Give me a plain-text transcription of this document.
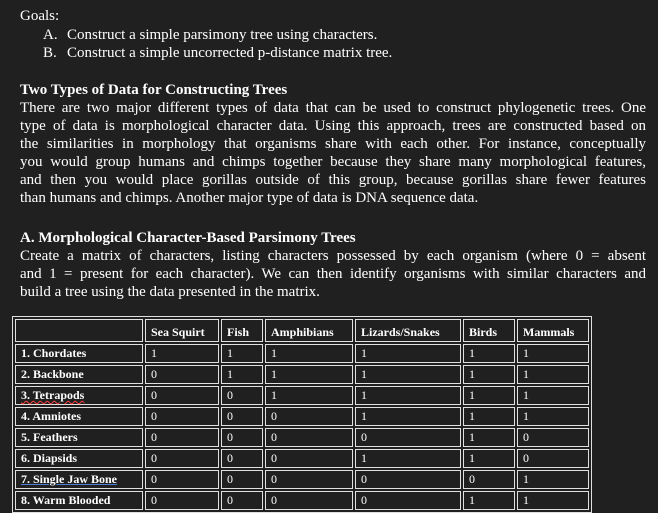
Goals:
A. Construct a simple parsimony tree using characters.
B. Construct a simple uncorrected p-distance matrix tree.
Two Types of Data for Constructing Trees
There are two major different types of data that can be used to construct phylogenetic trees. One
type of data is morphological character data. Using this approach, trees are constructed based on
the similarities in morphology that organisms share with each other. For instance, conceptually
you would group humans and chimps together because they share many morphological features,
and then you would place gorillas outside of this group, because gorillas share fewer features
than humans and chimps. Another major type of data is DNA sequence data.
A. Morphological Character-Based Parsimony Trees
Create a matrix of characters, listing characters possessed by each organism (where 0 = absent
and 1 = present for each character). We can then identify organisms with similar characters and
build a tree using the data presented in the matrix.
	Sea Squirt	Fish	Amphibians	Lizards/Snakes	Birds	Mammals
1. Chordates	1	1	1	1	1	1
2. Backbone	0	1	1	1	1	1
3. Tetrapods	0	0	1	1	1	1
4. Amniotes	0	0	0	1	1	1
5. Feathers	0	0	0	0	1	0
6. Diapsids	0	0	0	1	1	0
7. Single Jaw Bone	0	0	0	0	0	1
8. Warm Blooded	0	0	0	0	1	1
